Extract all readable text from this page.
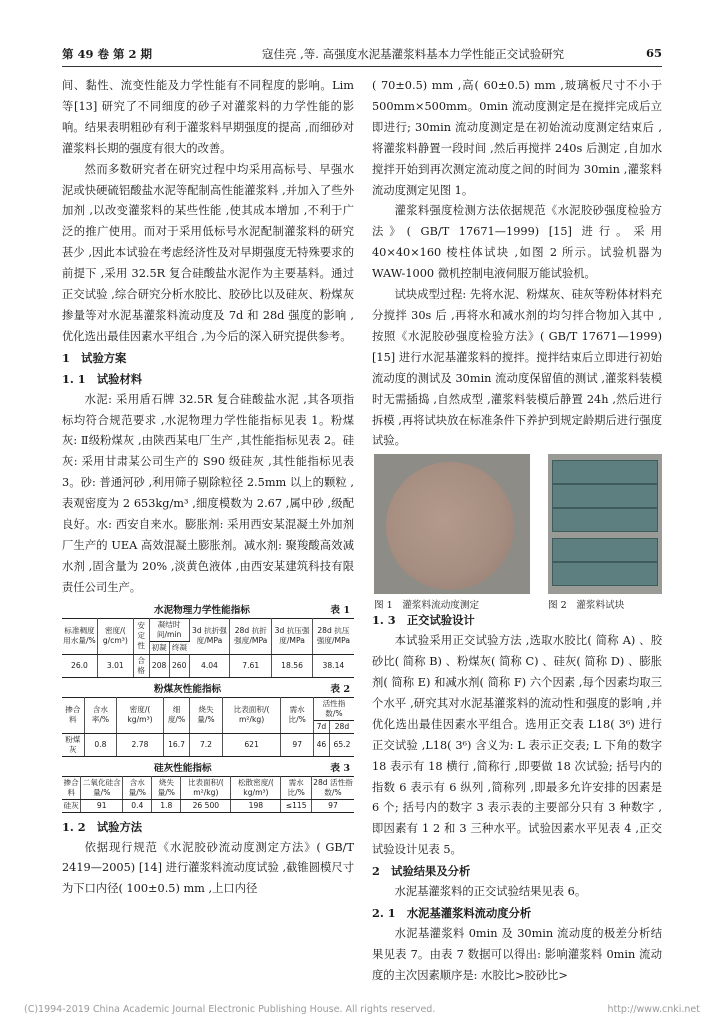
第 49 卷 第 2 期	寇佳亮 ,等. 高强度水泥基灌浆料基本力学性能正交试验研究	65

间、黏性、流变性能及力学性能有不同程度的影响。Lim 等[13] 研究了不同细度的砂子对灌浆料的力学性能的影响。结果表明粗砂有利于灌浆料早期强度的提高 ,而细砂对灌浆料长期的强度有很大的改善。

然而多数研究者在研究过程中均采用高标号、早强水泥或快硬硫铝酸盐水泥等配制高性能灌浆料 ,并加入了些外加剂 ,以改变灌浆料的某些性能 ,使其成本增加 ,不利于广泛的推广使用。而对于采用低标号水泥配制灌浆料的研究甚少 ,因此本试验在考虑经济性及对早期强度无特殊要求的前提下 ,采用 32.5R 复合硅酸盐水泥作为主要基料。通过正交试验 ,综合研究分析水胶比、胶砂比以及硅灰、粉煤灰掺量等对水泥基灌浆料流动度及 7d 和 28d 强度的影响 ,优化选出最佳因素水平组合 ,为今后的深入研究提供参考。

1　试验方案

1. 1　试验材料

水泥: 采用盾石牌 32.5R 复合硅酸盐水泥 ,其各项指标均符合规范要求 ,水泥物理力学性能指标见表 1。粉煤灰: Ⅱ级粉煤灰 ,由陕西某电厂生产 ,其性能指标见表 2。硅灰: 采用甘肃某公司生产的 S90 级硅灰 ,其性能指标见表 3。砂: 普通河砂 ,利用筛子剔除粒径 2.5mm 以上的颗粒 ,表观密度为 2 653kg/m³ ,细度模数为 2.67 ,属中砂 ,级配良好。水: 西安自来水。膨胀剂: 采用西安某混凝土外加剂厂生产的 UEA 高效混凝土膨胀剂。减水剂: 聚羧酸高效减水剂 ,固含量为 20% ,淡黄色液体 ,由西安某建筑科技有限责任公司生产。

水泥物理力学性能指标	表 1
标准稠度用水量/%	密度/( g/cm³)	安定性	凝结时间/min		3d 抗折强度/MPa	28d 抗折强度/MPa	3d 抗压强度/MPa	28d 抗压强度/MPa
			初凝	终凝				
26.0	3.01	合格	208	260	4.04	7.61	18.56	38.14
粉煤灰性能指标	表 2
掺合料	含水率/%	密度/( kg/m³)	细度/%	烧失量/%	比表面积/( m²/kg)	需水比/%	活性指数/%	
							7d	28d
粉煤灰	0.8	2.78	16.7	7.2	621	97	46	65.2
硅灰性能指标	表 3
掺合料	二氧化硅含量/%	含水量/%	烧失量/%	比表面积/( m²/kg)	松散密度/( kg/m³)	需水比/%	28d 活性指数/%
硅灰	91	0.4	1.8	26 500	198	≤115	97

1. 2　试验方法

依据现行规范《水泥胶砂流动度测定方法》( GB/T 2419—2005) [14] 进行灌浆料流动度试验 ,截锥圆模尺寸为下口内径( 100±0.5) mm ,上口内径

( 70±0.5) mm ,高( 60±0.5) mm ,玻璃板尺寸不小于 500mm×500mm。0min 流动度测定是在搅拌完成后立即进行; 30min 流动度测定是在初始流动度测定结束后 ,将灌浆料静置一段时间 ,然后再搅拌 240s 后测定 ,自加水搅拌开始到再次测定流动度之间的时间为 30min ,灌浆料流动度测定见图 1。

灌浆料强度检测方法依据规范《水泥胶砂强度检验方法》( GB/T 17671—1999) [15] 进行。采用 40×40×160 棱柱体试块 ,如图 2 所示。试验机器为 WAW-1000 微机控制电液伺服万能试验机。

试块成型过程: 先将水泥、粉煤灰、硅灰等粉体材料充分搅拌 30s 后 ,再将水和减水剂的均匀拌合物加入其中 ,按照《水泥胶砂强度检验方法》( GB/T 17671—1999) [15] 进行水泥基灌浆料的搅拌。搅拌结束后立即进行初始流动度的测试及 30min 流动度保留值的测试 ,灌浆料装模时无需插捣 ,自然成型 ,灌浆料装模后静置 24h ,然后进行拆模 ,再将试块放在标准条件下养护到规定龄期后进行强度试验。

图 1　灌浆料流动度测定	图 2　灌浆料试块

1. 3　正交试验设计

本试验采用正交试验方法 ,选取水胶比( 简称 A) 、胶砂比( 简称 B) 、粉煤灰( 简称 C) 、硅灰( 简称 D) 、膨胀剂( 简称 E) 和减水剂( 简称 F) 六个因素 ,每个因素均取三个水平 ,研究其对水泥基灌浆料的流动性和强度的影响 ,并优化选出最佳因素水平组合。选用正交表 L18( 3⁶) 进行正交试验 ,L18( 3⁶) 含义为: L 表示正交表; L 下角的数字 18 表示有 18 横行 ,简称行 ,即要做 18 次试验; 括号内的指数 6 表示有 6 纵列 ,简称列 ,即最多允许安排的因素是 6 个; 括号内的数字 3 表示表的主要部分只有 3 种数字 ,即因素有 1 2 和 3 三种水平。试验因素水平见表 4 ,正交试验设计见表 5。

2　试验结果及分析

水泥基灌浆料的正交试验结果见表 6。

2. 1　水泥基灌浆料流动度分析

水泥基灌浆料 0min 及 30min 流动度的极差分析结果见表 7。由表 7 数据可以得出: 影响灌浆料 0min 流动度的主次因素顺序是: 水胶比>胶砂比>

(C)1994-2019 China Academic Journal Electronic Publishing House. All rights reserved.	http://www.cnki.net
